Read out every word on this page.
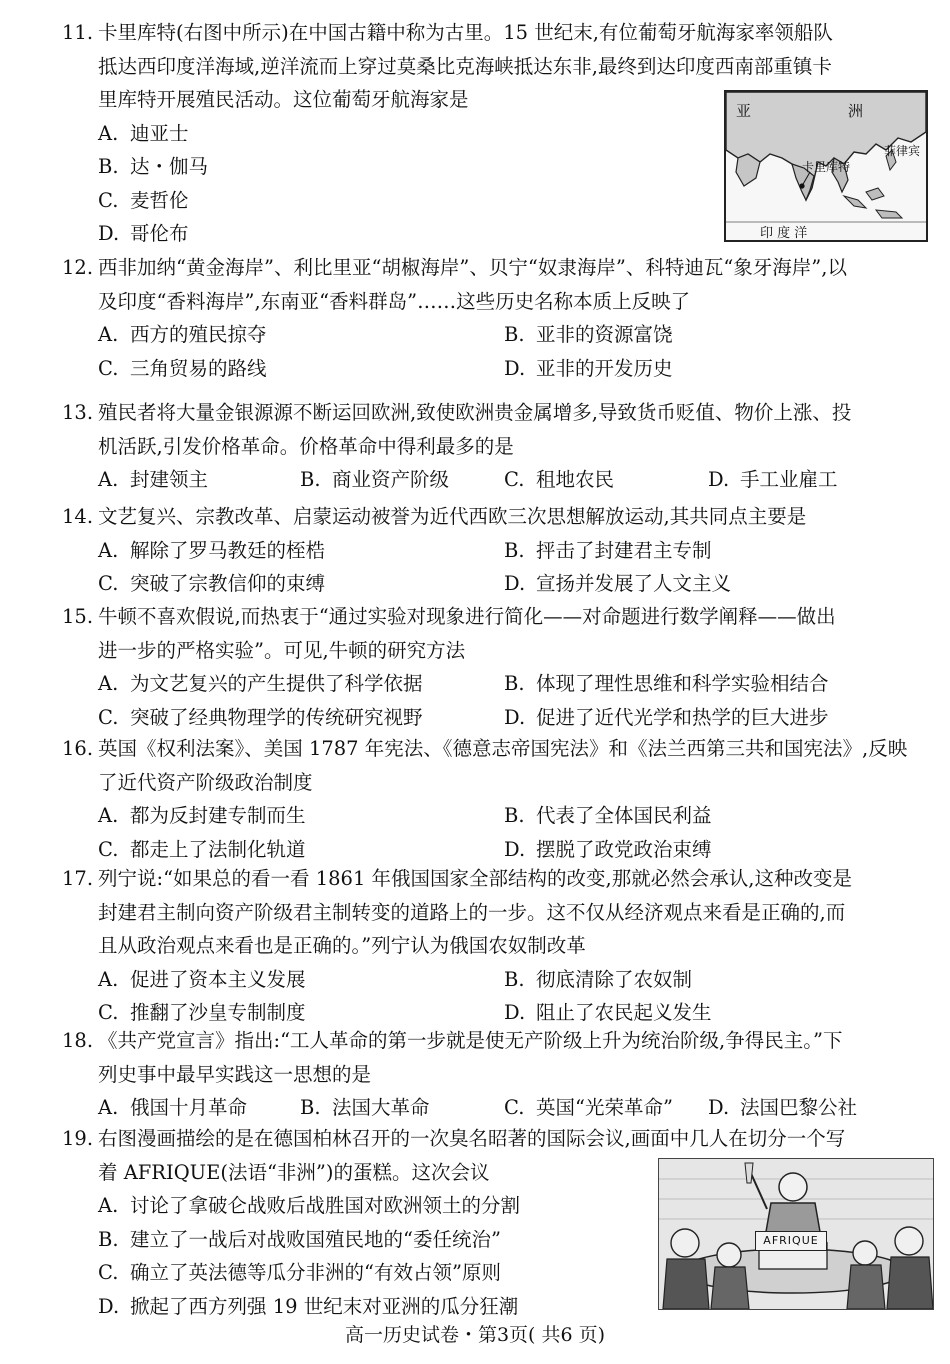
11. 卡里库特(右图中所示)在中国古籍中称为古里。15 世纪末,有位葡萄牙航海家率领船队
抵达西印度洋海域,逆洋流而上穿过莫桑比克海峡抵达东非,最终到达印度西南部重镇卡
里库特开展殖民活动。这位葡萄牙航海家是
A. 迪亚士
B. 达・伽马
C. 麦哲伦
D. 哥伦布
亚	洲
菲律宾
卡里库特
印 度 洋
12. 西非加纳“黄金海岸”、利比里亚“胡椒海岸”、贝宁“奴隶海岸”、科特迪瓦“象牙海岸”,以
及印度“香料海岸”,东南亚“香料群岛”……这些历史名称本质上反映了
A. 西方的殖民掠夺	B. 亚非的资源富饶
C. 三角贸易的路线	D. 亚非的开发历史
13. 殖民者将大量金银源源不断运回欧洲,致使欧洲贵金属增多,导致货币贬值、物价上涨、投
机活跃,引发价格革命。价格革命中得利最多的是
A. 封建领主	B. 商业资产阶级	C. 租地农民	D. 手工业雇工
14. 文艺复兴、宗教改革、启蒙运动被誉为近代西欧三次思想解放运动,其共同点主要是
A. 解除了罗马教廷的桎梏	B. 抨击了封建君主专制
C. 突破了宗教信仰的束缚	D. 宣扬并发展了人文主义
15. 牛顿不喜欢假说,而热衷于“通过实验对现象进行简化——对命题进行数学阐释——做出
进一步的严格实验”。可见,牛顿的研究方法
A. 为文艺复兴的产生提供了科学依据	B. 体现了理性思维和科学实验相结合
C. 突破了经典物理学的传统研究视野	D. 促进了近代光学和热学的巨大进步
16. 英国《权利法案》、美国 1787 年宪法、《德意志帝国宪法》和《法兰西第三共和国宪法》,反映
了近代资产阶级政治制度
A. 都为反封建专制而生	B. 代表了全体国民利益
C. 都走上了法制化轨道	D. 摆脱了政党政治束缚
17. 列宁说:“如果总的看一看 1861 年俄国国家全部结构的改变,那就必然会承认,这种改变是
封建君主制向资产阶级君主制转变的道路上的一步。这不仅从经济观点来看是正确的,而
且从政治观点来看也是正确的。”列宁认为俄国农奴制改革
A. 促进了资本主义发展	B. 彻底清除了农奴制
C. 推翻了沙皇专制制度	D. 阻止了农民起义发生
18. 《共产党宣言》指出:“工人革命的第一步就是使无产阶级上升为统治阶级,争得民主。”下
列史事中最早实践这一思想的是
A. 俄国十月革命	B. 法国大革命	C. 英国“光荣革命” D. 法国巴黎公社
19. 右图漫画描绘的是在德国柏林召开的一次臭名昭著的国际会议,画面中几人在切分一个写
着 AFRIQUE(法语“非洲”)的蛋糕。这次会议
A. 讨论了拿破仑战败后战胜国对欧洲领土的分割
B. 建立了一战后对战败国殖民地的“委任统治”
C. 确立了英法德等瓜分非洲的“有效占领”原则
D. 掀起了西方列强 19 世纪末对亚洲的瓜分狂潮
AFRIQUE
高一历史试卷・第3页( 共6 页)
